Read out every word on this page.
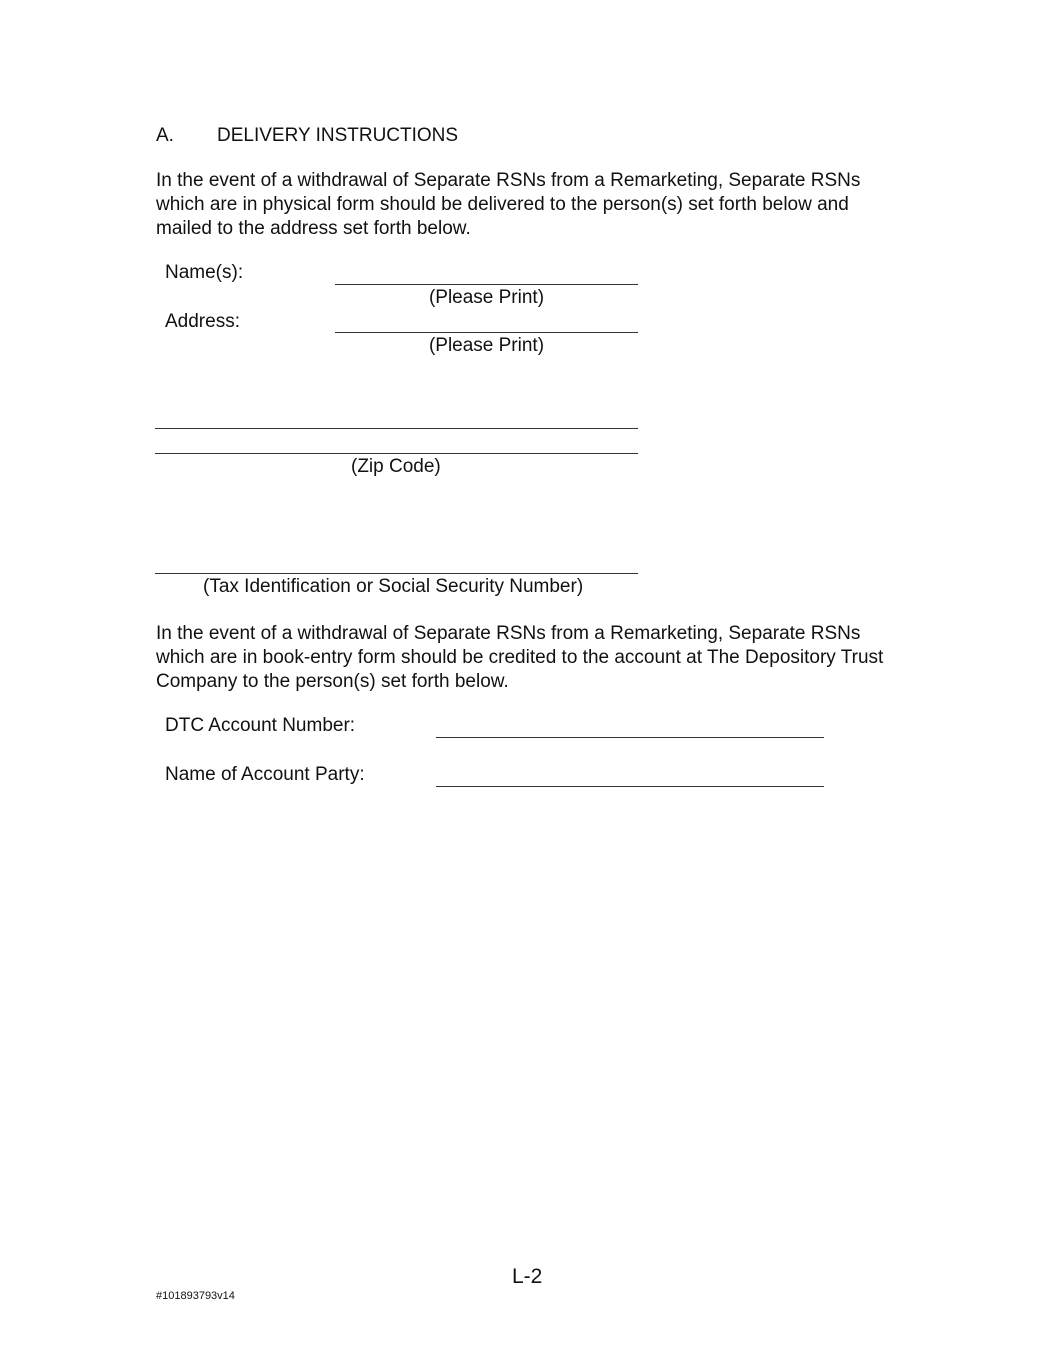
A. DELIVERY INSTRUCTIONS
In the event of a withdrawal of Separate RSNs from a Remarketing, Separate RSNs which are in physical form should be delivered to the person(s) set forth below and mailed to the address set forth below.
Name(s):
(Please Print)
Address:
(Please Print)
(Zip Code)
(Tax Identification or Social Security Number)
In the event of a withdrawal of Separate RSNs from a Remarketing, Separate RSNs which are in book-entry form should be credited to the account at The Depository Trust Company to the person(s) set forth below.
DTC Account Number:
Name of Account Party:
L-2
#101893793v14
